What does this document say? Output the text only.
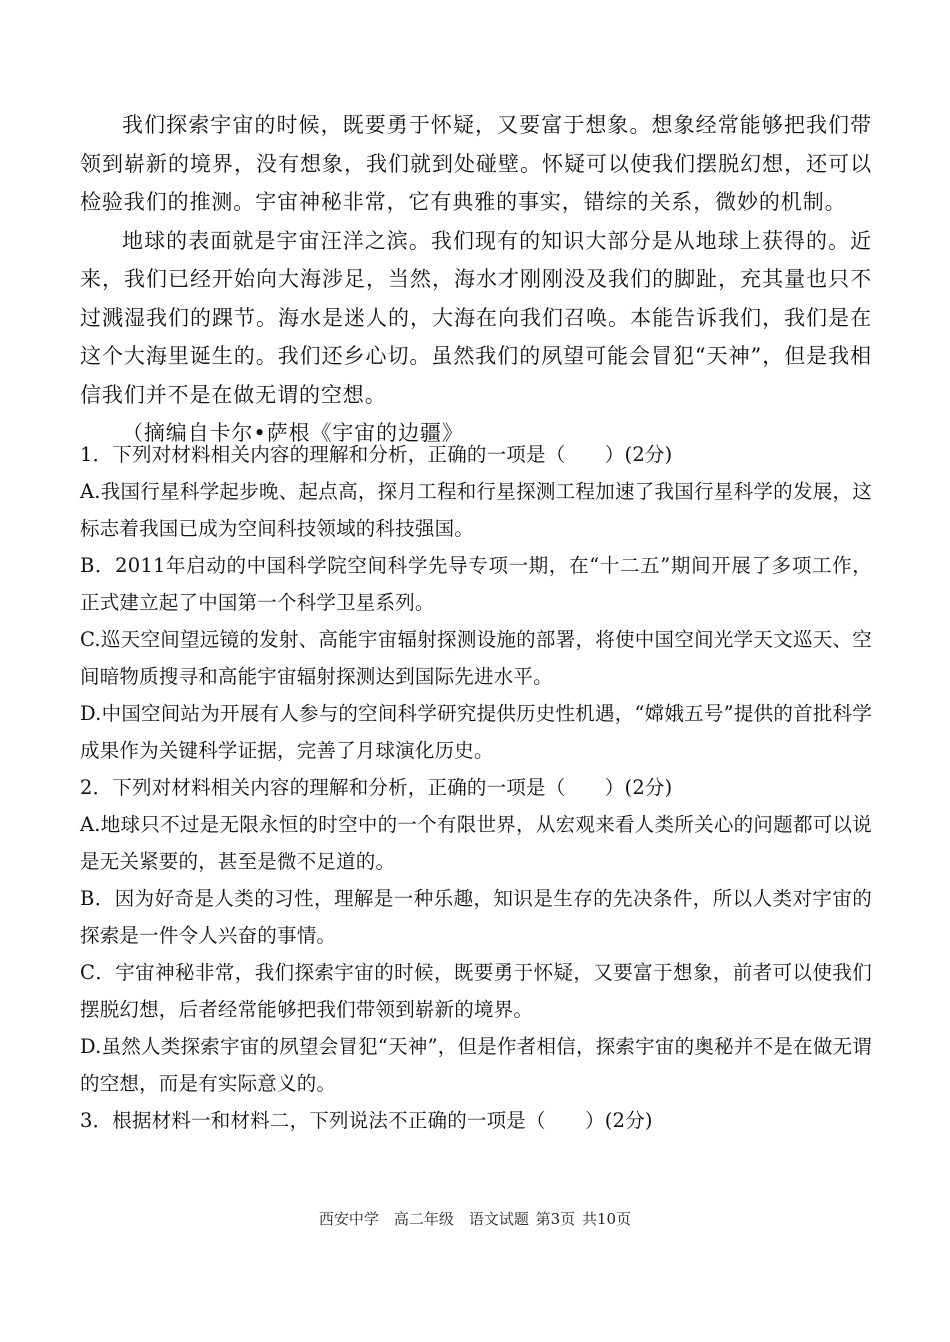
我们探索宇宙的时候，既要勇于怀疑，又要富于想象。想象经常能够把我们带领到崭新的境界，没有想象，我们就到处碰壁。怀疑可以使我们摆脱幻想，还可以检验我们的推测。宇宙神秘非常，它有典雅的事实，错综的关系，微妙的机制。

地球的表面就是宇宙汪洋之滨。我们现有的知识大部分是从地球上获得的。近来，我们已经开始向大海涉足，当然，海水才刚刚没及我们的脚趾，充其量也只不过溅湿我们的踝节。海水是迷人的，大海在向我们召唤。本能告诉我们，我们是在这个大海里诞生的。我们还乡心切。虽然我们的夙望可能会冒犯“天神”，但是我相信我们并不是在做无谓的空想。

（摘编自卡尔•萨根《宇宙的边疆》

1．下列对材料相关内容的理解和分析，正确的一项是（　　）(2分)

A.我国行星科学起步晚、起点高，探月工程和行星探测工程加速了我国行星科学的发展，这标志着我国已成为空间科技领域的科技强国。

B．2011年启动的中国科学院空间科学先导专项一期，在“十二五”期间开展了多项工作，正式建立起了中国第一个科学卫星系列。

C.巡天空间望远镜的发射、高能宇宙辐射探测设施的部署，将使中国空间光学天文巡天、空间暗物质搜寻和高能宇宙辐射探测达到国际先进水平。

D.中国空间站为开展有人参与的空间科学研究提供历史性机遇，“嫦娥五号”提供的首批科学成果作为关键科学证据，完善了月球演化历史。

2．下列对材料相关内容的理解和分析，正确的一项是（　　）(2分)

A.地球只不过是无限永恒的时空中的一个有限世界，从宏观来看人类所关心的问题都可以说是无关紧要的，甚至是微不足道的。

B．因为好奇是人类的习性，理解是一种乐趣，知识是生存的先决条件，所以人类对宇宙的探索是一件令人兴奋的事情。

C．宇宙神秘非常，我们探索宇宙的时候，既要勇于怀疑，又要富于想象，前者可以使我们摆脱幻想，后者经常能够把我们带领到崭新的境界。

D.虽然人类探索宇宙的夙望会冒犯“天神”，但是作者相信，探索宇宙的奥秘并不是在做无谓的空想，而是有实际意义的。

3．根据材料一和材料二，下列说法不正确的一项是（　　）(2分)

西安中学　高二年级　语文试题 第3页 共10页
